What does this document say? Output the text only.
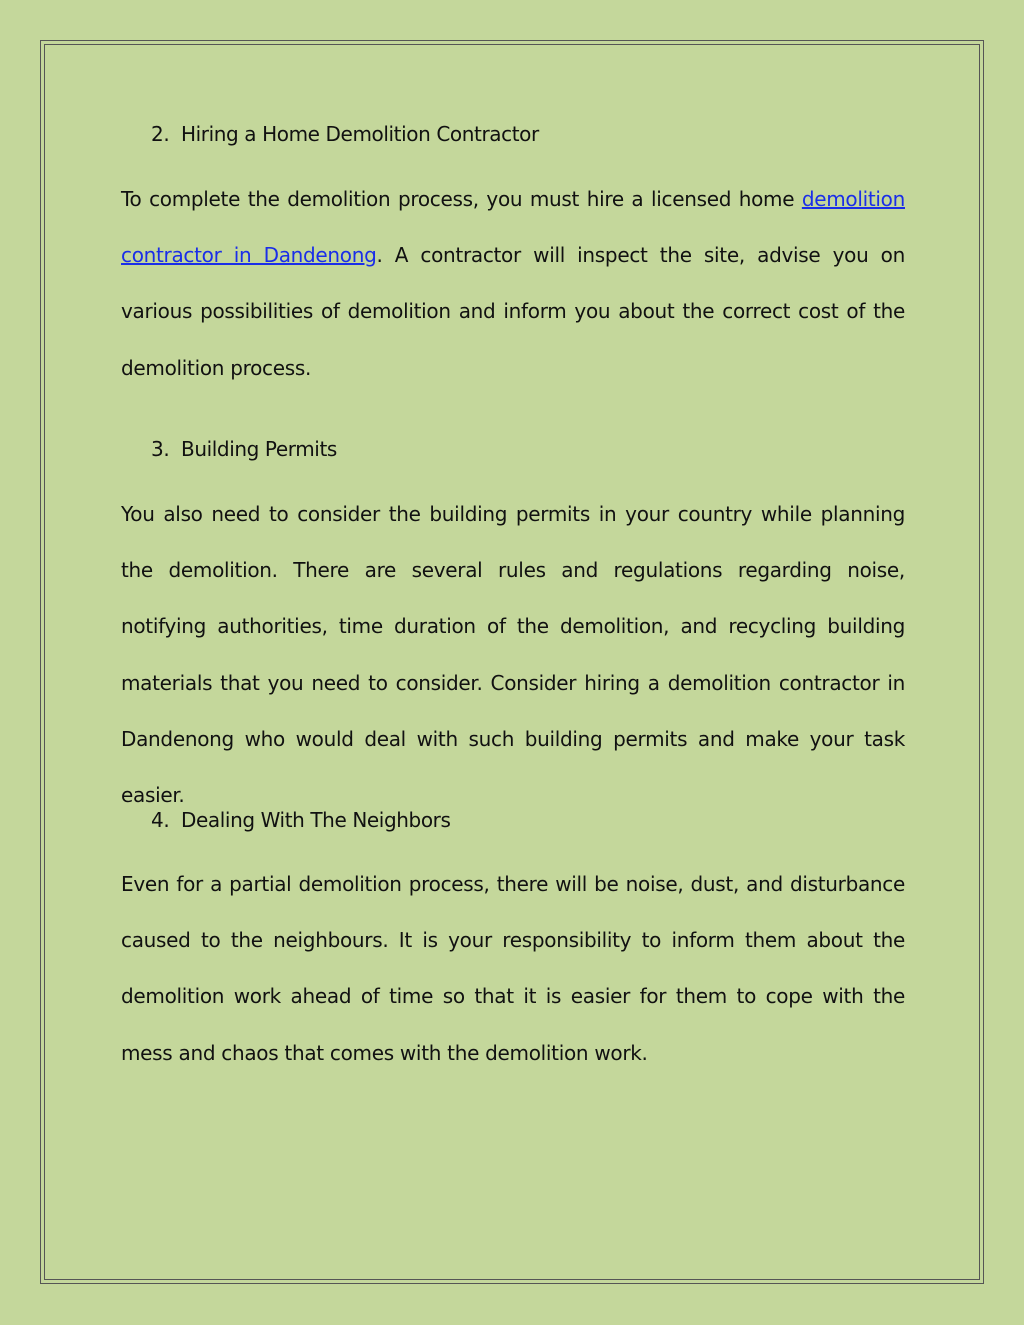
2. Hiring a Home Demolition Contractor
To complete the demolition process, you must hire a licensed home demolition contractor in Dandenong. A contractor will inspect the site, advise you on various possibilities of demolition and inform you about the correct cost of the demolition process.
3. Building Permits
You also need to consider the building permits in your country while planning the demolition. There are several rules and regulations regarding noise, notifying authorities, time duration of the demolition, and recycling building materials that you need to consider. Consider hiring a demolition contractor in Dandenong who would deal with such building permits and make your task easier.
4. Dealing With The Neighbors
Even for a partial demolition process, there will be noise, dust, and disturbance caused to the neighbours. It is your responsibility to inform them about the demolition work ahead of time so that it is easier for them to cope with the mess and chaos that comes with the demolition work.
